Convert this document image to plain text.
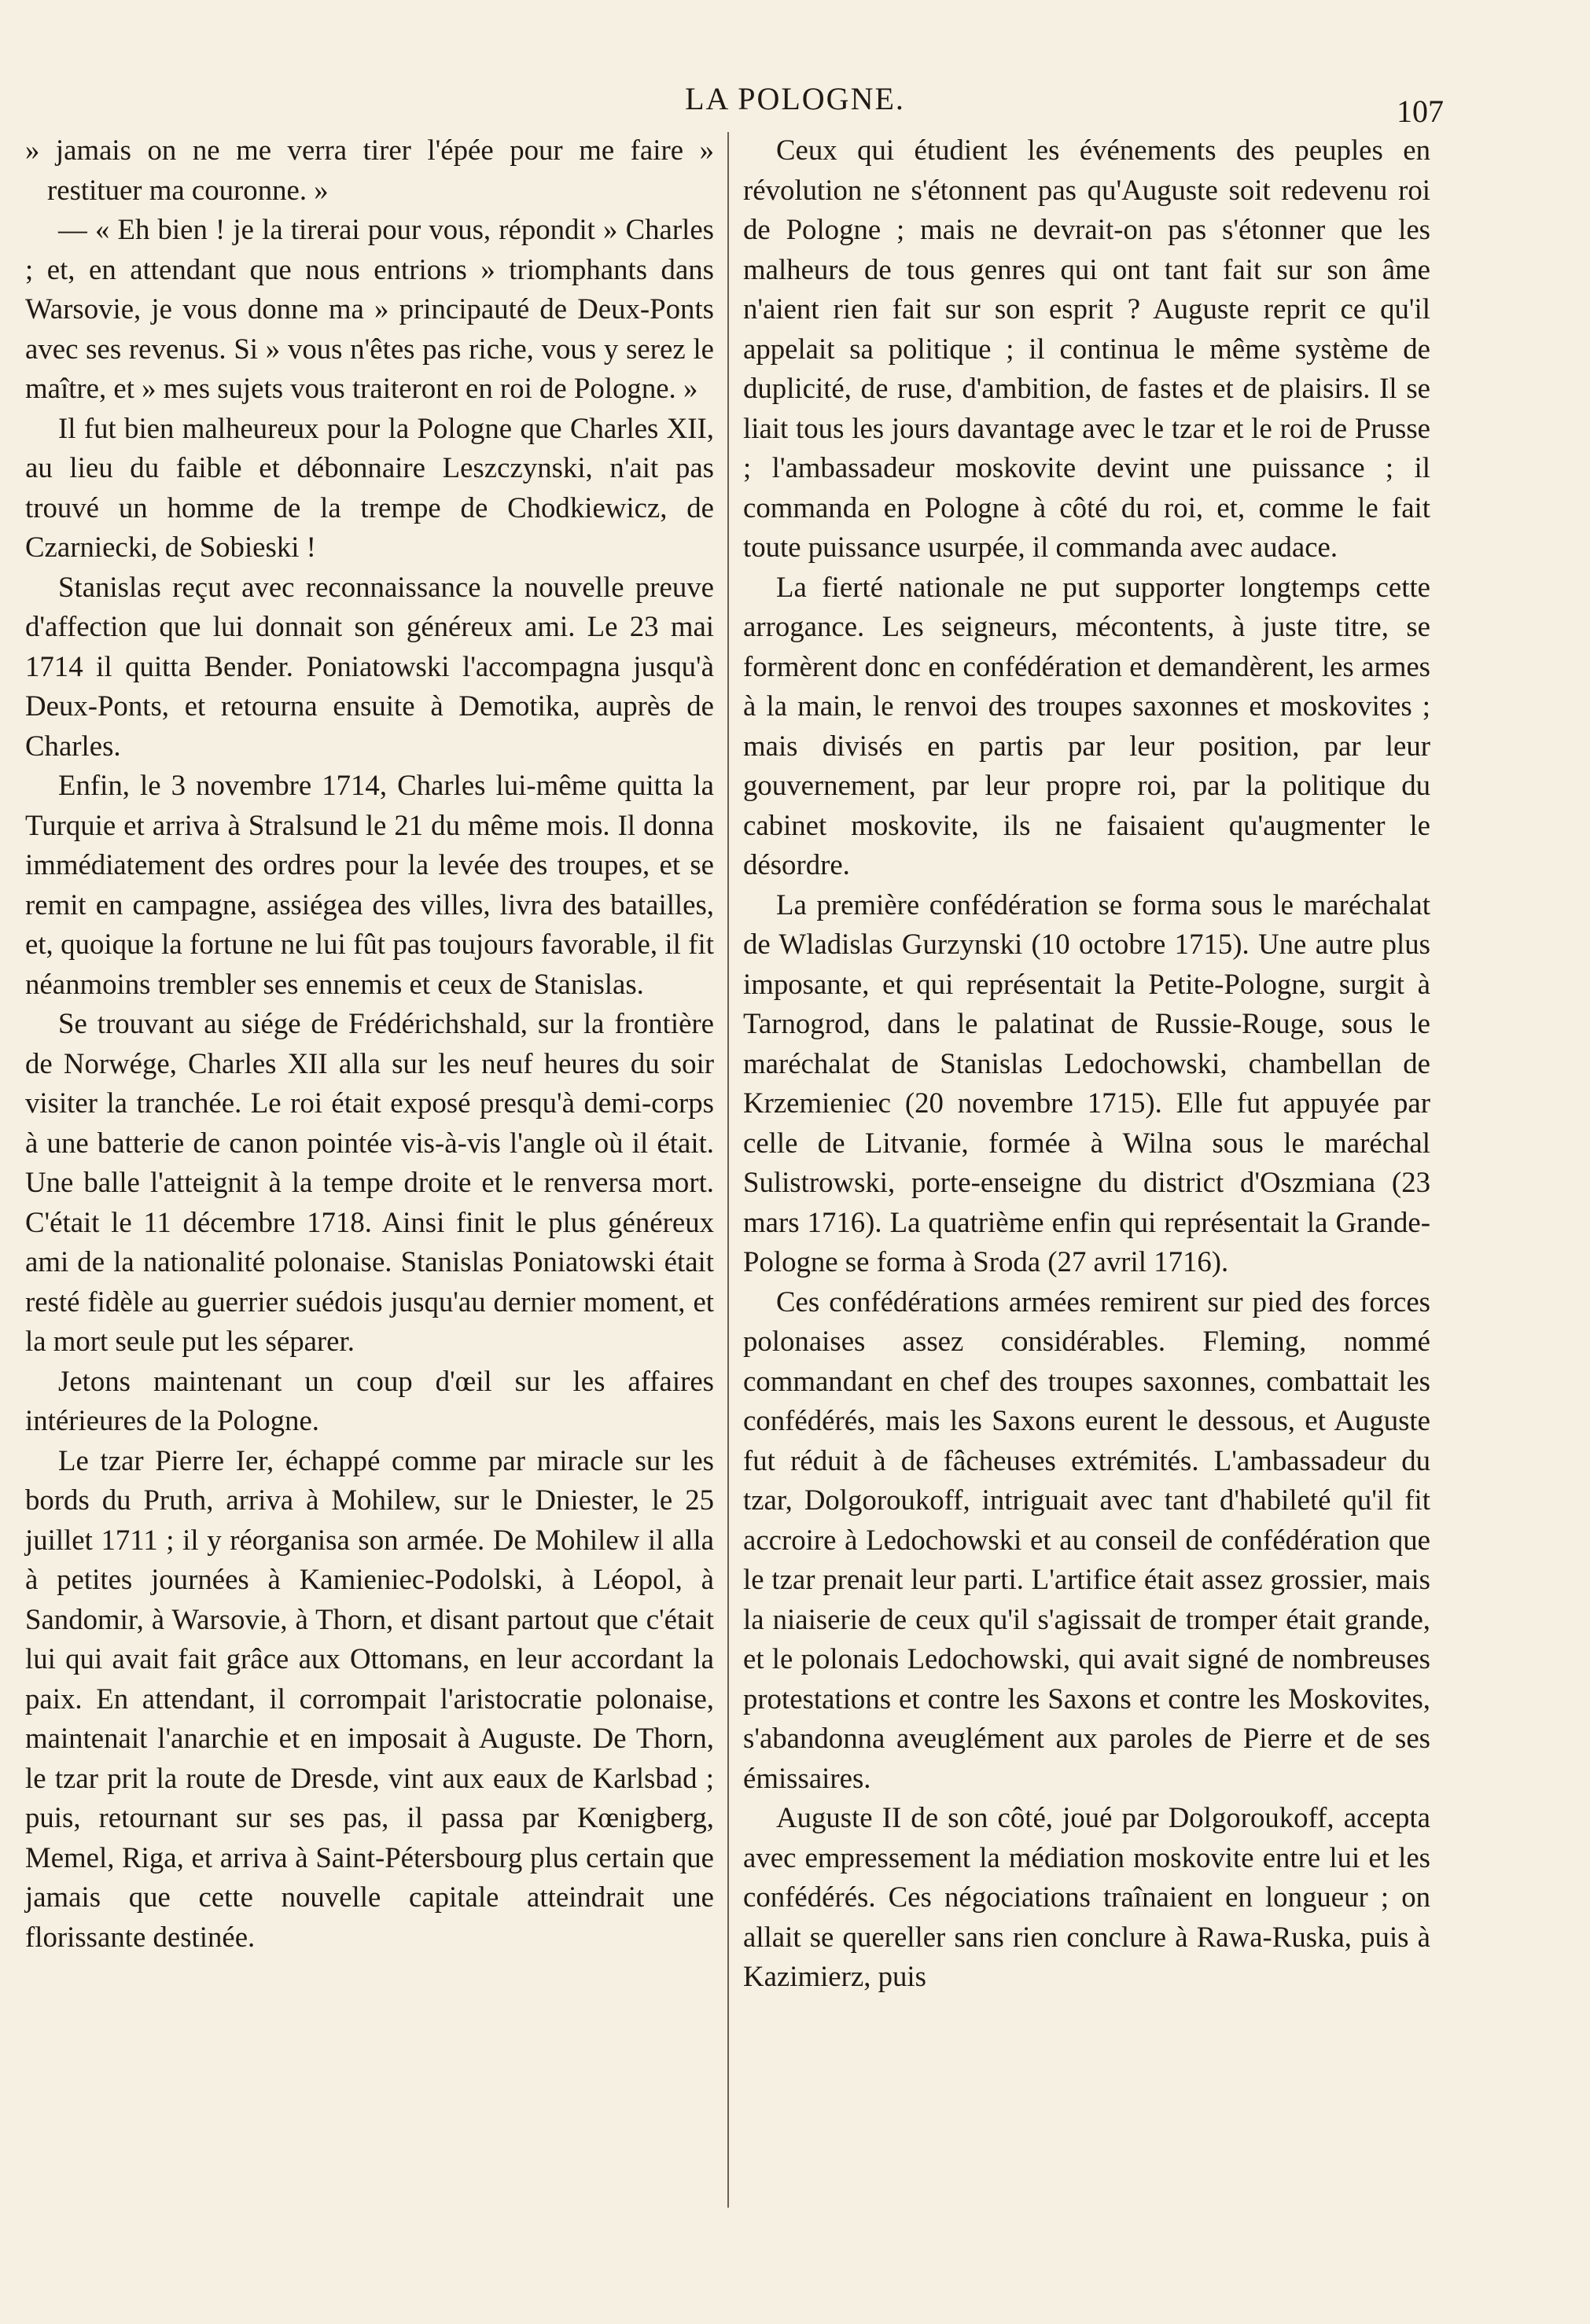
LA POLOGNE.	107

» jamais on ne me verra tirer l'épée pour me faire » restituer ma couronne. »

— « Eh bien ! je la tirerai pour vous, répondit » Charles ; et, en attendant que nous entrions » triomphants dans Warsovie, je vous donne ma » principauté de Deux-Ponts avec ses revenus. Si » vous n'êtes pas riche, vous y serez le maître, et » mes sujets vous traiteront en roi de Pologne. »

Il fut bien malheureux pour la Pologne que Charles XII, au lieu du faible et débonnaire Leszczynski, n'ait pas trouvé un homme de la trempe de Chodkiewicz, de Czarniecki, de Sobieski !

Stanislas reçut avec reconnaissance la nouvelle preuve d'affection que lui donnait son généreux ami. Le 23 mai 1714 il quitta Bender. Poniatowski l'accompagna jusqu'à Deux-Ponts, et retourna ensuite à Demotika, auprès de Charles.

Enfin, le 3 novembre 1714, Charles lui-même quitta la Turquie et arriva à Stralsund le 21 du même mois. Il donna immédiatement des ordres pour la levée des troupes, et se remit en campagne, assiégea des villes, livra des batailles, et, quoique la fortune ne lui fût pas toujours favorable, il fit néanmoins trembler ses ennemis et ceux de Stanislas.

Se trouvant au siége de Frédérichshald, sur la frontière de Norwége, Charles XII alla sur les neuf heures du soir visiter la tranchée. Le roi était exposé presqu'à demi-corps à une batterie de canon pointée vis-à-vis l'angle où il était. Une balle l'atteignit à la tempe droite et le renversa mort. C'était le 11 décembre 1718. Ainsi finit le plus généreux ami de la nationalité polonaise. Stanislas Poniatowski était resté fidèle au guerrier suédois jusqu'au dernier moment, et la mort seule put les séparer.

Jetons maintenant un coup d'œil sur les affaires intérieures de la Pologne.

Le tzar Pierre Ier, échappé comme par miracle sur les bords du Pruth, arriva à Mohilew, sur le Dniester, le 25 juillet 1711 ; il y réorganisa son armée. De Mohilew il alla à petites journées à Kamieniec-Podolski, à Léopol, à Sandomir, à Warsovie, à Thorn, et disant partout que c'était lui qui avait fait grâce aux Ottomans, en leur accordant la paix. En attendant, il corrompait l'aristocratie polonaise, maintenait l'anarchie et en imposait à Auguste. De Thorn, le tzar prit la route de Dresde, vint aux eaux de Karlsbad ; puis, retournant sur ses pas, il passa par Kœnigberg, Memel, Riga, et arriva à Saint-Pétersbourg plus certain que jamais que cette nouvelle capitale atteindrait une florissante destinée.

Ceux qui étudient les événements des peuples en révolution ne s'étonnent pas qu'Auguste soit redevenu roi de Pologne ; mais ne devrait-on pas s'étonner que les malheurs de tous genres qui ont tant fait sur son âme n'aient rien fait sur son esprit ? Auguste reprit ce qu'il appelait sa politique ; il continua le même système de duplicité, de ruse, d'ambition, de fastes et de plaisirs. Il se liait tous les jours davantage avec le tzar et le roi de Prusse ; l'ambassadeur moskovite devint une puissance ; il commanda en Pologne à côté du roi, et, comme le fait toute puissance usurpée, il commanda avec audace.

La fierté nationale ne put supporter longtemps cette arrogance. Les seigneurs, mécontents, à juste titre, se formèrent donc en confédération et demandèrent, les armes à la main, le renvoi des troupes saxonnes et moskovites ; mais divisés en partis par leur position, par leur gouvernement, par leur propre roi, par la politique du cabinet moskovite, ils ne faisaient qu'augmenter le désordre.

La première confédération se forma sous le maréchalat de Wladislas Gurzynski (10 octobre 1715). Une autre plus imposante, et qui représentait la Petite-Pologne, surgit à Tarnogrod, dans le palatinat de Russie-Rouge, sous le maréchalat de Stanislas Ledochowski, chambellan de Krzemieniec (20 novembre 1715). Elle fut appuyée par celle de Litvanie, formée à Wilna sous le maréchal Sulistrowski, porte-enseigne du district d'Oszmiana (23 mars 1716). La quatrième enfin qui représentait la Grande-Pologne se forma à Sroda (27 avril 1716).

Ces confédérations armées remirent sur pied des forces polonaises assez considérables. Fleming, nommé commandant en chef des troupes saxonnes, combattait les confédérés, mais les Saxons eurent le dessous, et Auguste fut réduit à de fâcheuses extrémités. L'ambassadeur du tzar, Dolgoroukoff, intriguait avec tant d'habileté qu'il fit accroire à Ledochowski et au conseil de confédération que le tzar prenait leur parti. L'artifice était assez grossier, mais la niaiserie de ceux qu'il s'agissait de tromper était grande, et le polonais Ledochowski, qui avait signé de nombreuses protestations et contre les Saxons et contre les Moskovites, s'abandonna aveuglément aux paroles de Pierre et de ses émissaires.

Auguste II de son côté, joué par Dolgoroukoff, accepta avec empressement la médiation moskovite entre lui et les confédérés. Ces négociations traînaient en longueur ; on allait se quereller sans rien conclure à Rawa-Ruska, puis à Kazimierz, puis
